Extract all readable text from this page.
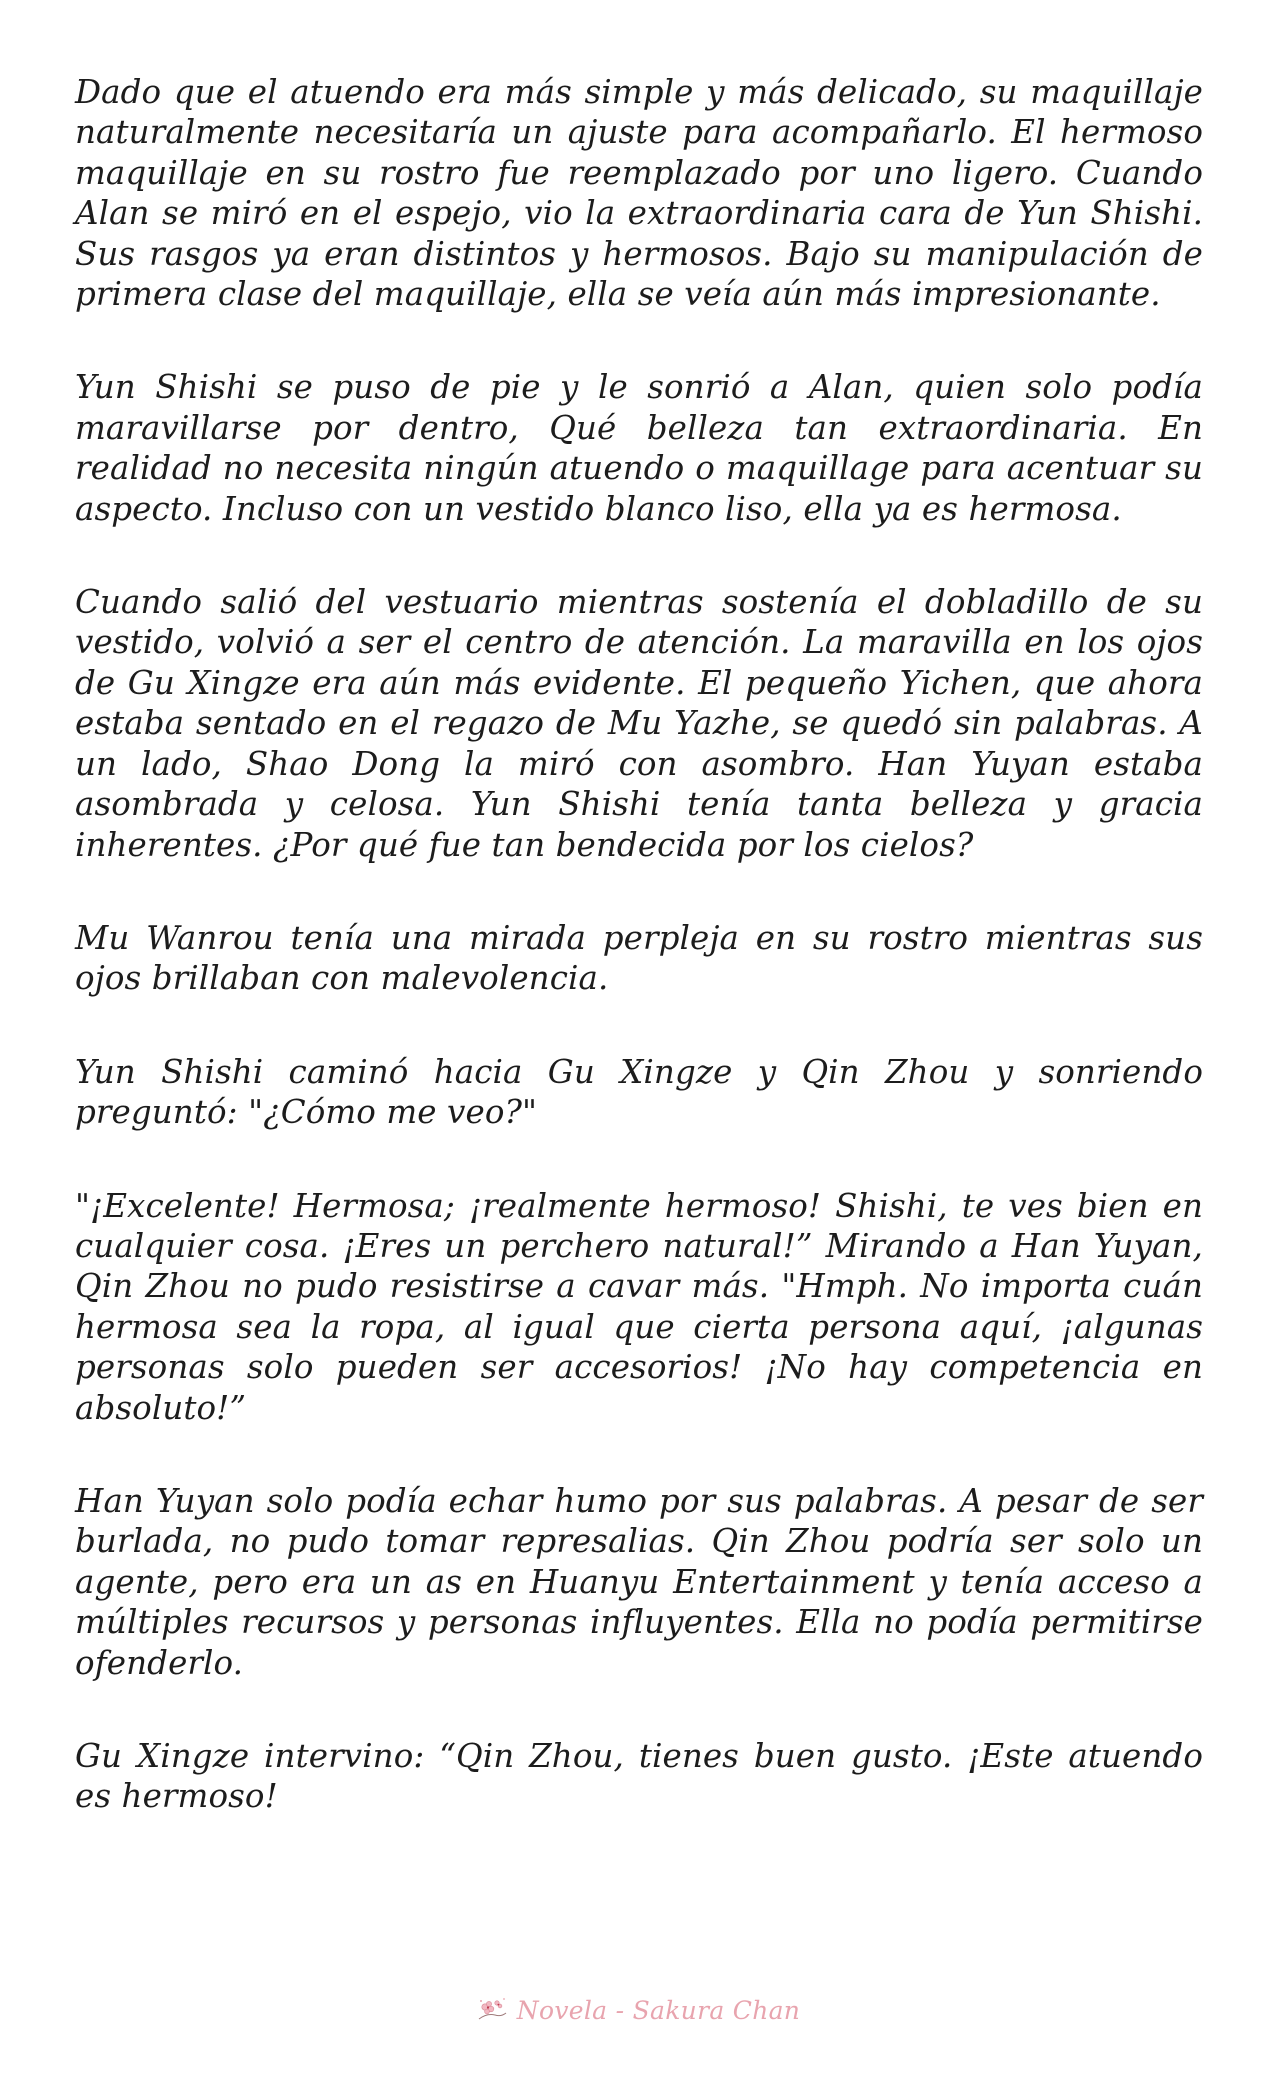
Dado que el atuendo era más simple y más delicado, su maquillaje naturalmente necesitaría un ajuste para acompañarlo. El hermoso maquillaje en su rostro fue reemplazado por uno ligero. Cuando Alan se miró en el espejo, vio la extraordinaria cara de Yun Shishi. Sus rasgos ya eran distintos y hermosos. Bajo su manipulación de primera clase del maquillaje, ella se veía aún más impresionante.

Yun Shishi se puso de pie y le sonrió a Alan, quien solo podía maravillarse por dentro, Qué belleza tan extraordinaria. En realidad no necesita ningún atuendo o maquillage para acentuar su aspecto. Incluso con un vestido blanco liso, ella ya es hermosa.

Cuando salió del vestuario mientras sostenía el dobladillo de su vestido, volvió a ser el centro de atención. La maravilla en los ojos de Gu Xingze era aún más evidente. El pequeño Yichen, que ahora estaba sentado en el regazo de Mu Yazhe, se quedó sin palabras. A un lado, Shao Dong la miró con asombro. Han Yuyan estaba asombrada y celosa. Yun Shishi tenía tanta belleza y gracia inherentes. ¿Por qué fue tan bendecida por los cielos?

Mu Wanrou tenía una mirada perpleja en su rostro mientras sus ojos brillaban con malevolencia.

Yun Shishi caminó hacia Gu Xingze y Qin Zhou y sonriendo preguntó: "¿Cómo me veo?"

"¡Excelente! Hermosa; ¡realmente hermoso! Shishi, te ves bien en cualquier cosa. ¡Eres un perchero natural!” Mirando a Han Yuyan, Qin Zhou no pudo resistirse a cavar más. "Hmph. No importa cuán hermosa sea la ropa, al igual que cierta persona aquí, ¡algunas personas solo pueden ser accesorios! ¡No hay competencia en absoluto!”

Han Yuyan solo podía echar humo por sus palabras. A pesar de ser burlada, no pudo tomar represalias. Qin Zhou podría ser solo un agente, pero era un as en Huanyu Entertainment y tenía acceso a múltiples recursos y personas influyentes. Ella no podía permitirse ofenderlo.

Gu Xingze intervino: “Qin Zhou, tienes buen gusto. ¡Este atuendo es hermoso!

Novela - Sakura Chan
